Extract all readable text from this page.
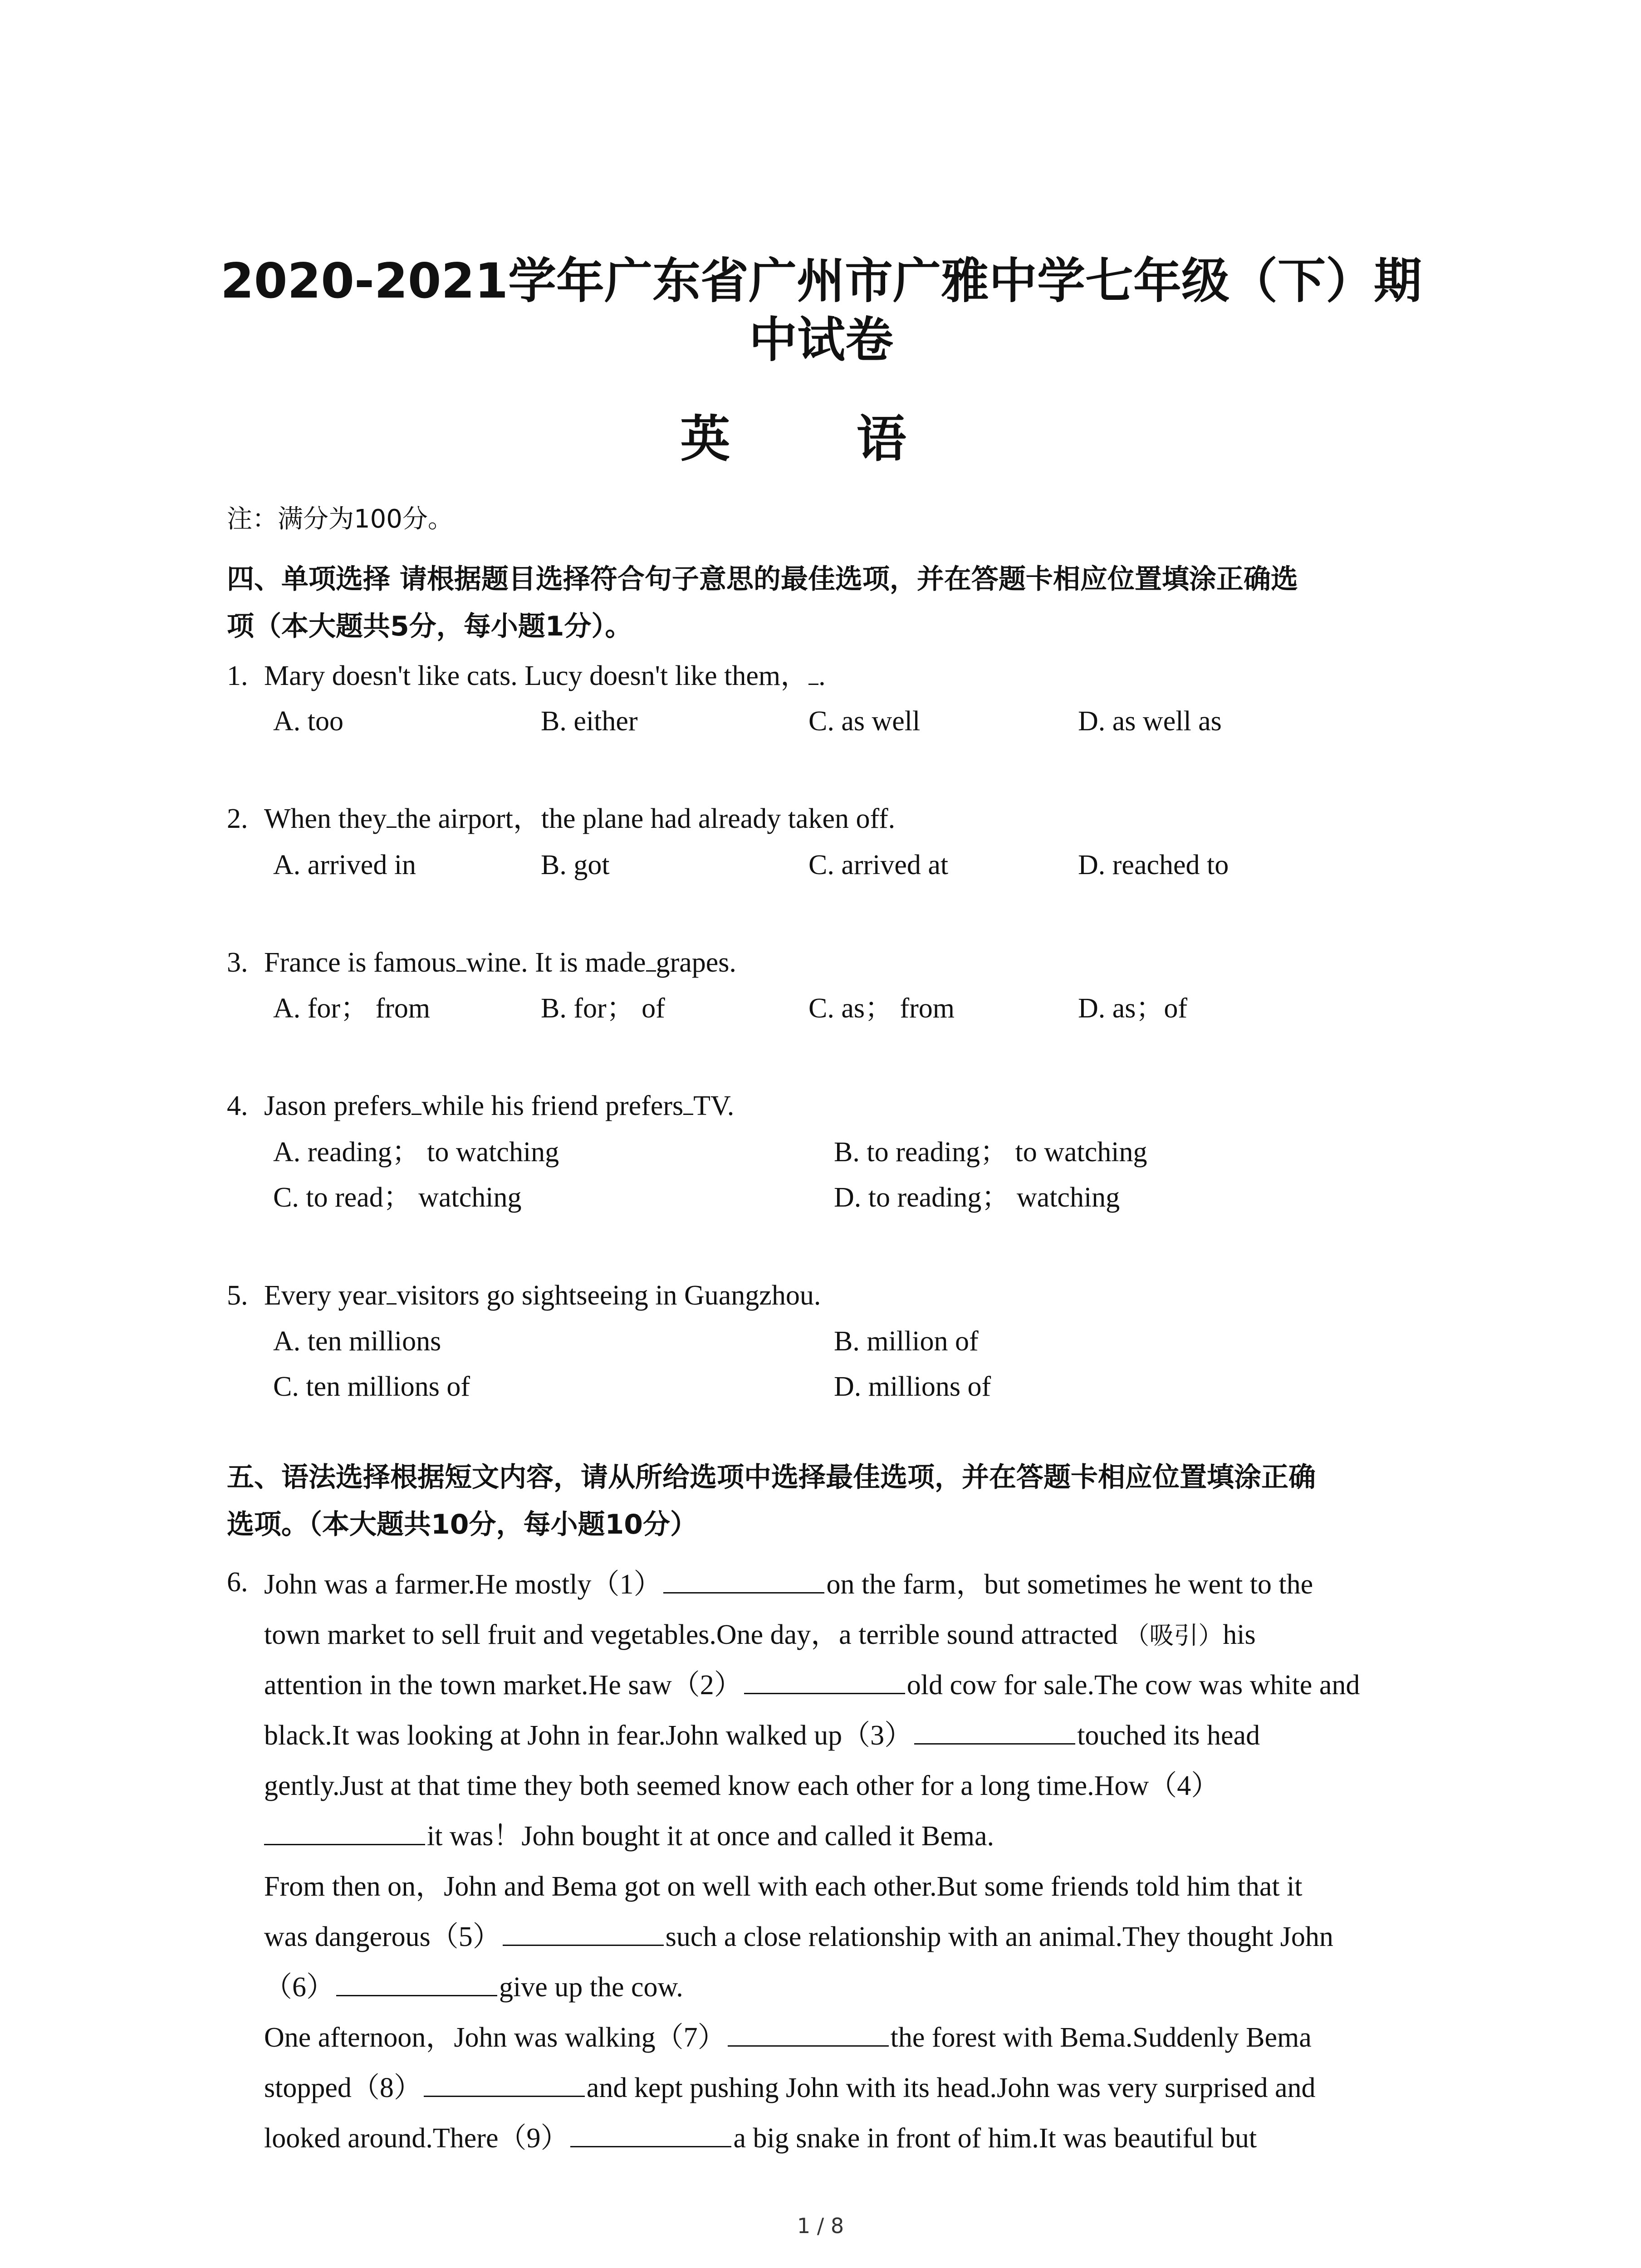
2020-2021学年广东省广州市广雅中学七年级（下）期
中试卷
英 语
注：满分为100分。
四、单项选择 请根据题目选择符合句子意思的最佳选项，并在答题卡相应位置填涂正确选
项（本大题共5分，每小题1分）。
1. Mary doesn't like cats. Lucy doesn't like them， .
A. too	B. either	C. as well	D. as well as
2. When they the airport，the plane had already taken off.
A. arrived in	B. got	C. arrived at	D. reached to
3. France is famous wine. It is made grapes.
A. for； from	B. for； of	C. as； from	D. as；of
4. Jason prefers while his friend prefers TV.
A. reading； to watching	B. to reading； to watching
C. to read； watching	D. to reading； watching
5. Every year visitors go sightseeing in Guangzhou.
A. ten millions	B. million of
C. ten millions of	D. millions of
五、语法选择根据短文内容，请从所给选项中选择最佳选项，并在答题卡相应位置填涂正确
选项。（本大题共10分，每小题10分）
6. John was a farmer.He mostly（1）	on the farm，but sometimes he went to the
town market to sell fruit and vegetables.One day，a terrible sound attracted （吸引）his
attention in the town market.He saw（2）	old cow for sale.The cow was white and
black.It was looking at John in fear.John walked up（3）	touched its head
gently.Just at that time they both seemed know each other for a long time.How（4）
it was！John bought it at once and called it Bema.
From then on，John and Bema got on well with each other.But some friends told him that it
was dangerous（5）	such a close relationship with an animal.They thought John
（6）	give up the cow.
One afternoon，John was walking（7）	the forest with Bema.Suddenly Bema
stopped（8）	and kept pushing John with its head.John was very surprised and
looked around.There（9）	a big snake in front of him.It was beautiful but
1 / 8
